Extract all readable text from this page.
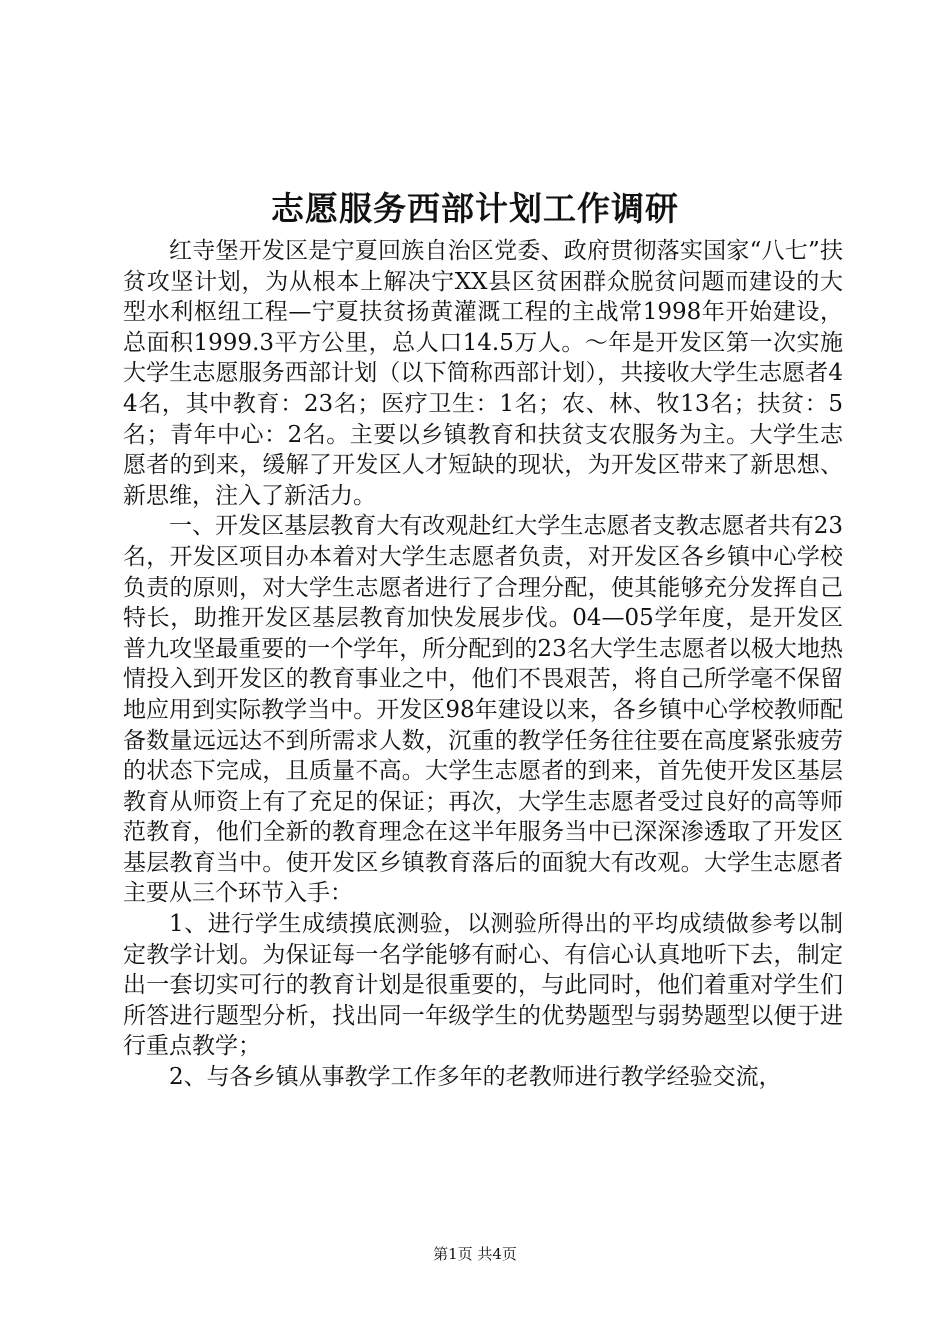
志愿服务西部计划工作调研

红寺堡开发区是宁夏回族自治区党委、政府贯彻落实国家“八七”扶贫攻坚计划，为从根本上解决宁XX县区贫困群众脱贫问题而建设的大型水利枢纽工程—宁夏扶贫扬黄灌溉工程的主战常1998年开始建设，总面积1999.3平方公里，总人口14.5万人。～年是开发区第一次实施大学生志愿服务西部计划（以下简称西部计划），共接收大学生志愿者44名，其中教育：23名；医疗卫生：1名；农、林、牧13名；扶贫：5名；青年中心：2名。主要以乡镇教育和扶贫支农服务为主。大学生志愿者的到来，缓解了开发区人才短缺的现状，为开发区带来了新思想、新思维，注入了新活力。

一、开发区基层教育大有改观赴红大学生志愿者支教志愿者共有23名，开发区项目办本着对大学生志愿者负责，对开发区各乡镇中心学校负责的原则，对大学生志愿者进行了合理分配，使其能够充分发挥自己特长，助推开发区基层教育加快发展步伐。04—05学年度，是开发区普九攻坚最重要的一个学年，所分配到的23名大学生志愿者以极大地热情投入到开发区的教育事业之中，他们不畏艰苦，将自己所学毫不保留地应用到实际教学当中。开发区98年建设以来，各乡镇中心学校教师配备数量远远达不到所需求人数，沉重的教学任务往往要在高度紧张疲劳的状态下完成，且质量不高。大学生志愿者的到来，首先使开发区基层教育从师资上有了充足的保证；再次，大学生志愿者受过良好的高等师范教育，他们全新的教育理念在这半年服务当中已深深渗透取了开发区基层教育当中。使开发区乡镇教育落后的面貌大有改观。大学生志愿者主要从三个环节入手：

1、进行学生成绩摸底测验，以测验所得出的平均成绩做参考以制定教学计划。为保证每一名学能够有耐心、有信心认真地听下去，制定出一套切实可行的教育计划是很重要的，与此同时，他们着重对学生们所答进行题型分析，找出同一年级学生的优势题型与弱势题型以便于进行重点教学；

2、与各乡镇从事教学工作多年的老教师进行教学经验交流，

第1页 共4页
